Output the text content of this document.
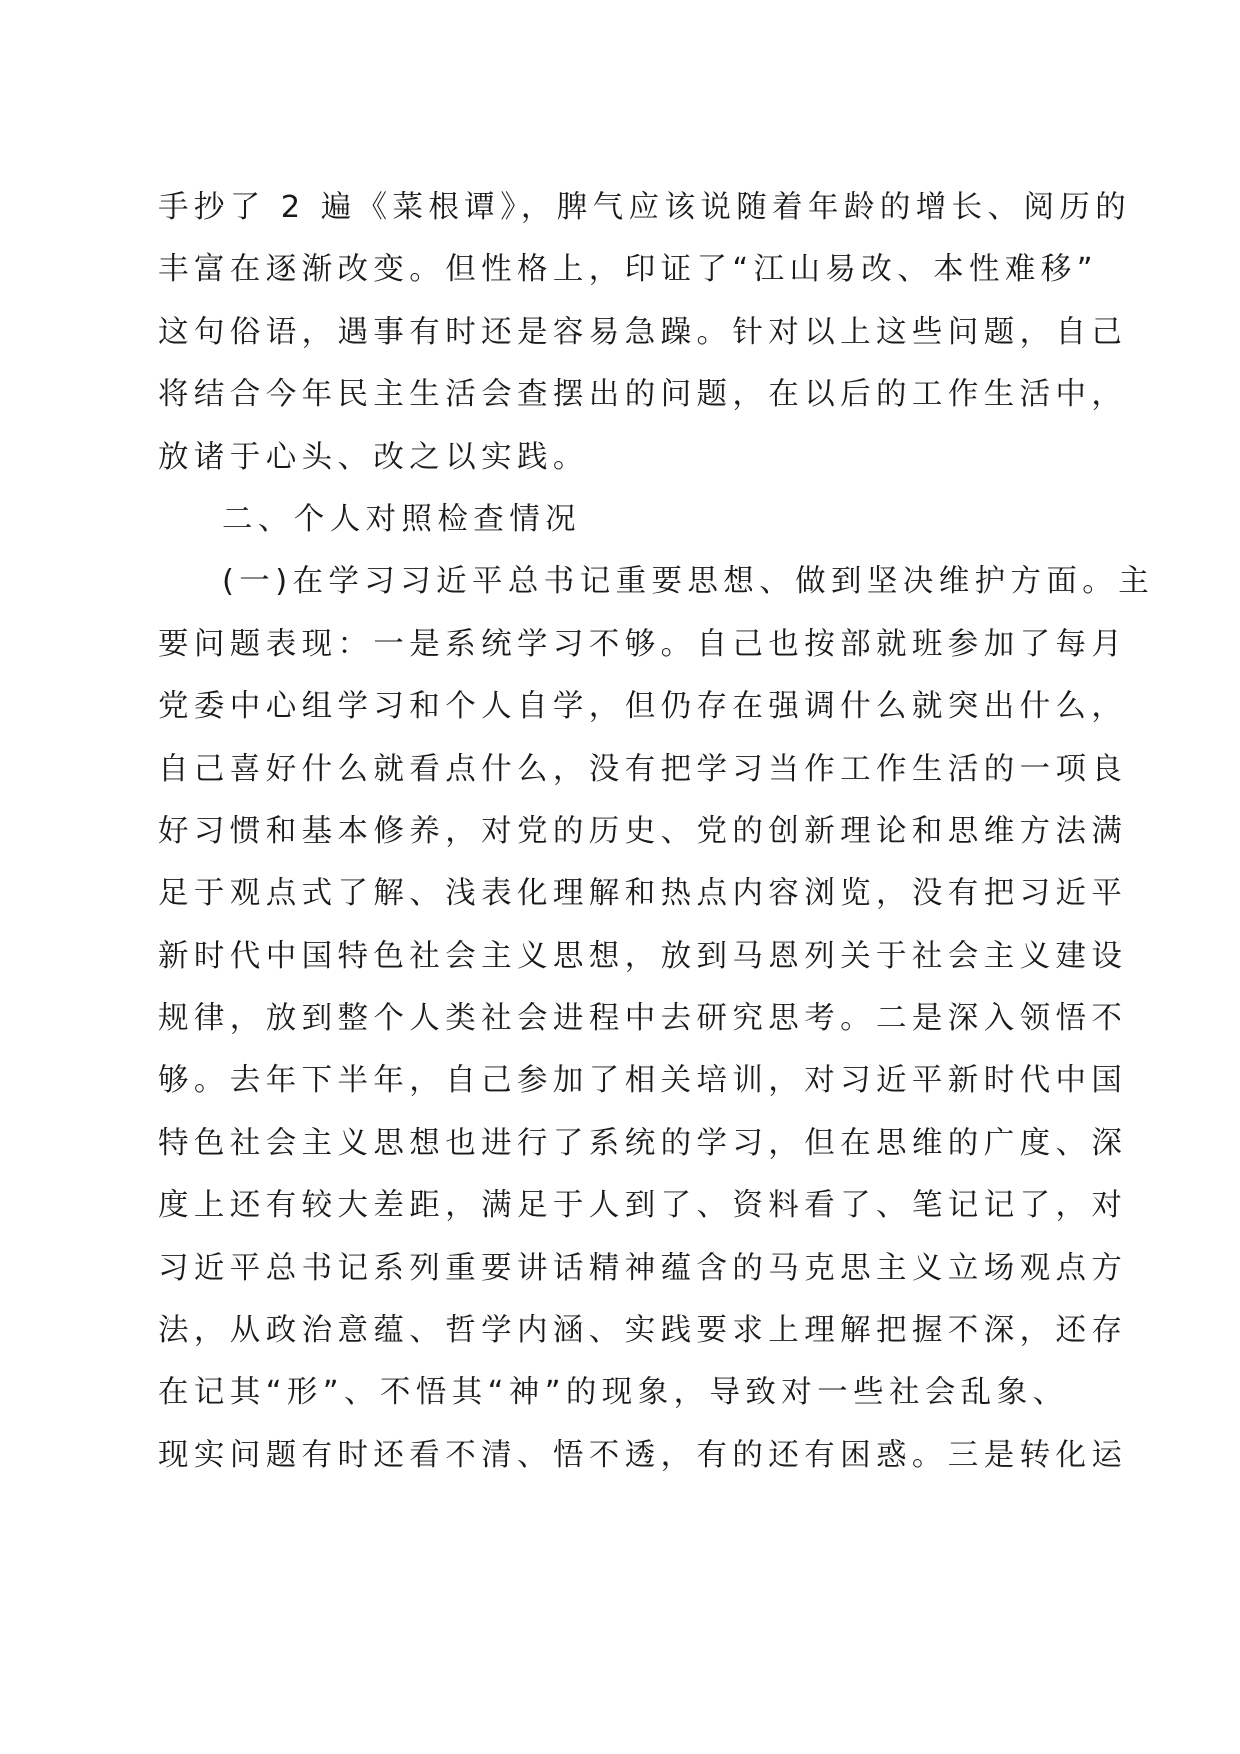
手抄了 2 遍《菜根谭》，脾气应该说随着年龄的增长、阅历的
丰富在逐渐改变。但性格上，印证了“江山易改、本性难移”
这句俗语，遇事有时还是容易急躁。针对以上这些问题，自己
将结合今年民主生活会查摆出的问题，在以后的工作生活中，
放诸于心头、改之以实践。
二、个人对照检查情况
(一)在学习习近平总书记重要思想、做到坚决维护方面。主
要问题表现：一是系统学习不够。自己也按部就班参加了每月
党委中心组学习和个人自学，但仍存在强调什么就突出什么，
自己喜好什么就看点什么，没有把学习当作工作生活的一项良
好习惯和基本修养，对党的历史、党的创新理论和思维方法满
足于观点式了解、浅表化理解和热点内容浏览，没有把习近平
新时代中国特色社会主义思想，放到马恩列关于社会主义建设
规律，放到整个人类社会进程中去研究思考。二是深入领悟不
够。去年下半年，自己参加了相关培训，对习近平新时代中国
特色社会主义思想也进行了系统的学习，但在思维的广度、深
度上还有较大差距，满足于人到了、资料看了、笔记记了，对
习近平总书记系列重要讲话精神蕴含的马克思主义立场观点方
法，从政治意蕴、哲学内涵、实践要求上理解把握不深，还存
在记其“形”、不悟其“神”的现象，导致对一些社会乱象、
现实问题有时还看不清、悟不透，有的还有困惑。三是转化运
